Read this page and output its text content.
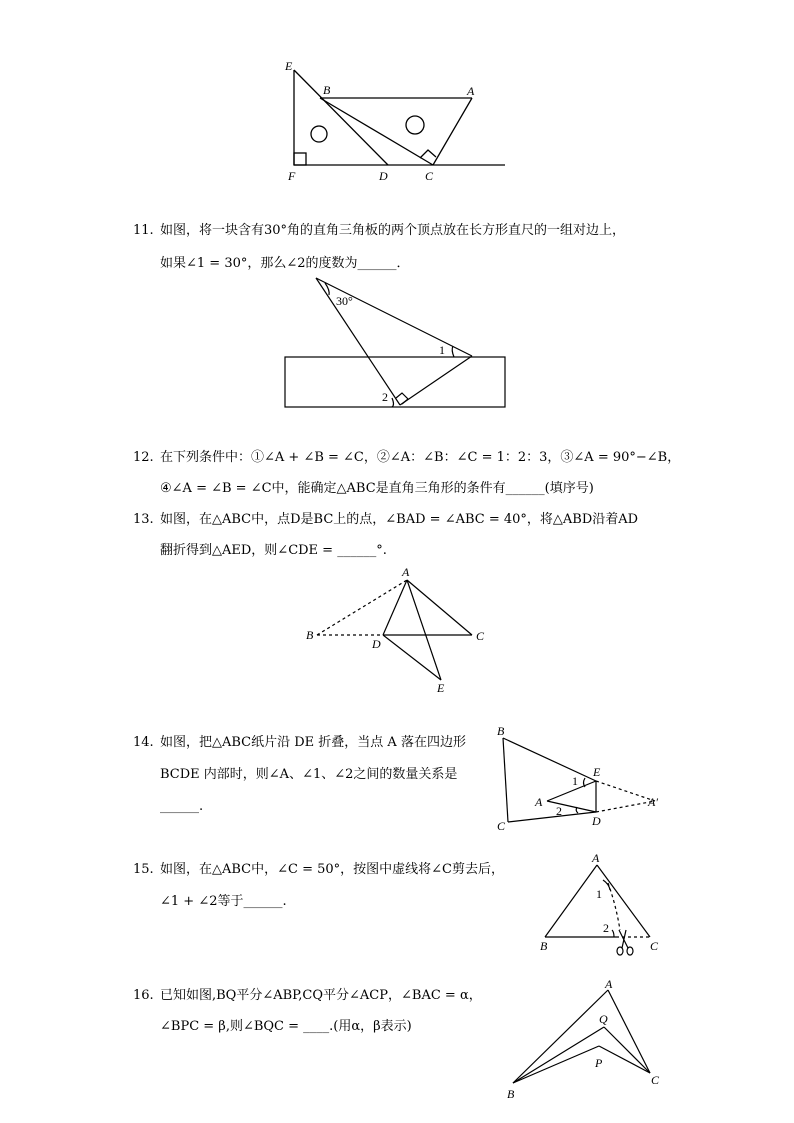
E
B	A
F	D	C
11. 如图，将一块含有30°角的直角三角板的两个顶点放在长方形直尺的一组对边上，
如果∠1 = 30°，那么∠2的度数为______．
30°
1
2
12. 在下列条件中：①∠A + ∠B = ∠C，②∠A：∠B：∠C = 1：2：3，③∠A = 90°−∠B，
④∠A = ∠B = ∠C中，能确定△ABC是直角三角形的条件有______(填序号)
13. 如图，在△ABC中，点D是BC上的点，∠BAD = ∠ABC = 40°，将△ABD沿着AD
翻折得到△AED，则∠CDE = ______°.
A
B	C
D
E
14. 如图，把△ABC纸片沿 DE 折叠，当点 A 落在四边形
BCDE 内部时，则∠A、∠1、∠2之间的数量关系是
______.
B
C
E
D
A	A′
1
2
15. 如图，在△ABC中，∠C = 50°，按图中虚线将∠C剪去后，
∠1 + ∠2等于______.
A
B	C
1
2
16. 已知如图,BQ平分∠ABP,CQ平分∠ACP，∠BAC = α，
∠BPC = β,则∠BQC = ____.(用α，β表示)
A
Q
P
B
C
